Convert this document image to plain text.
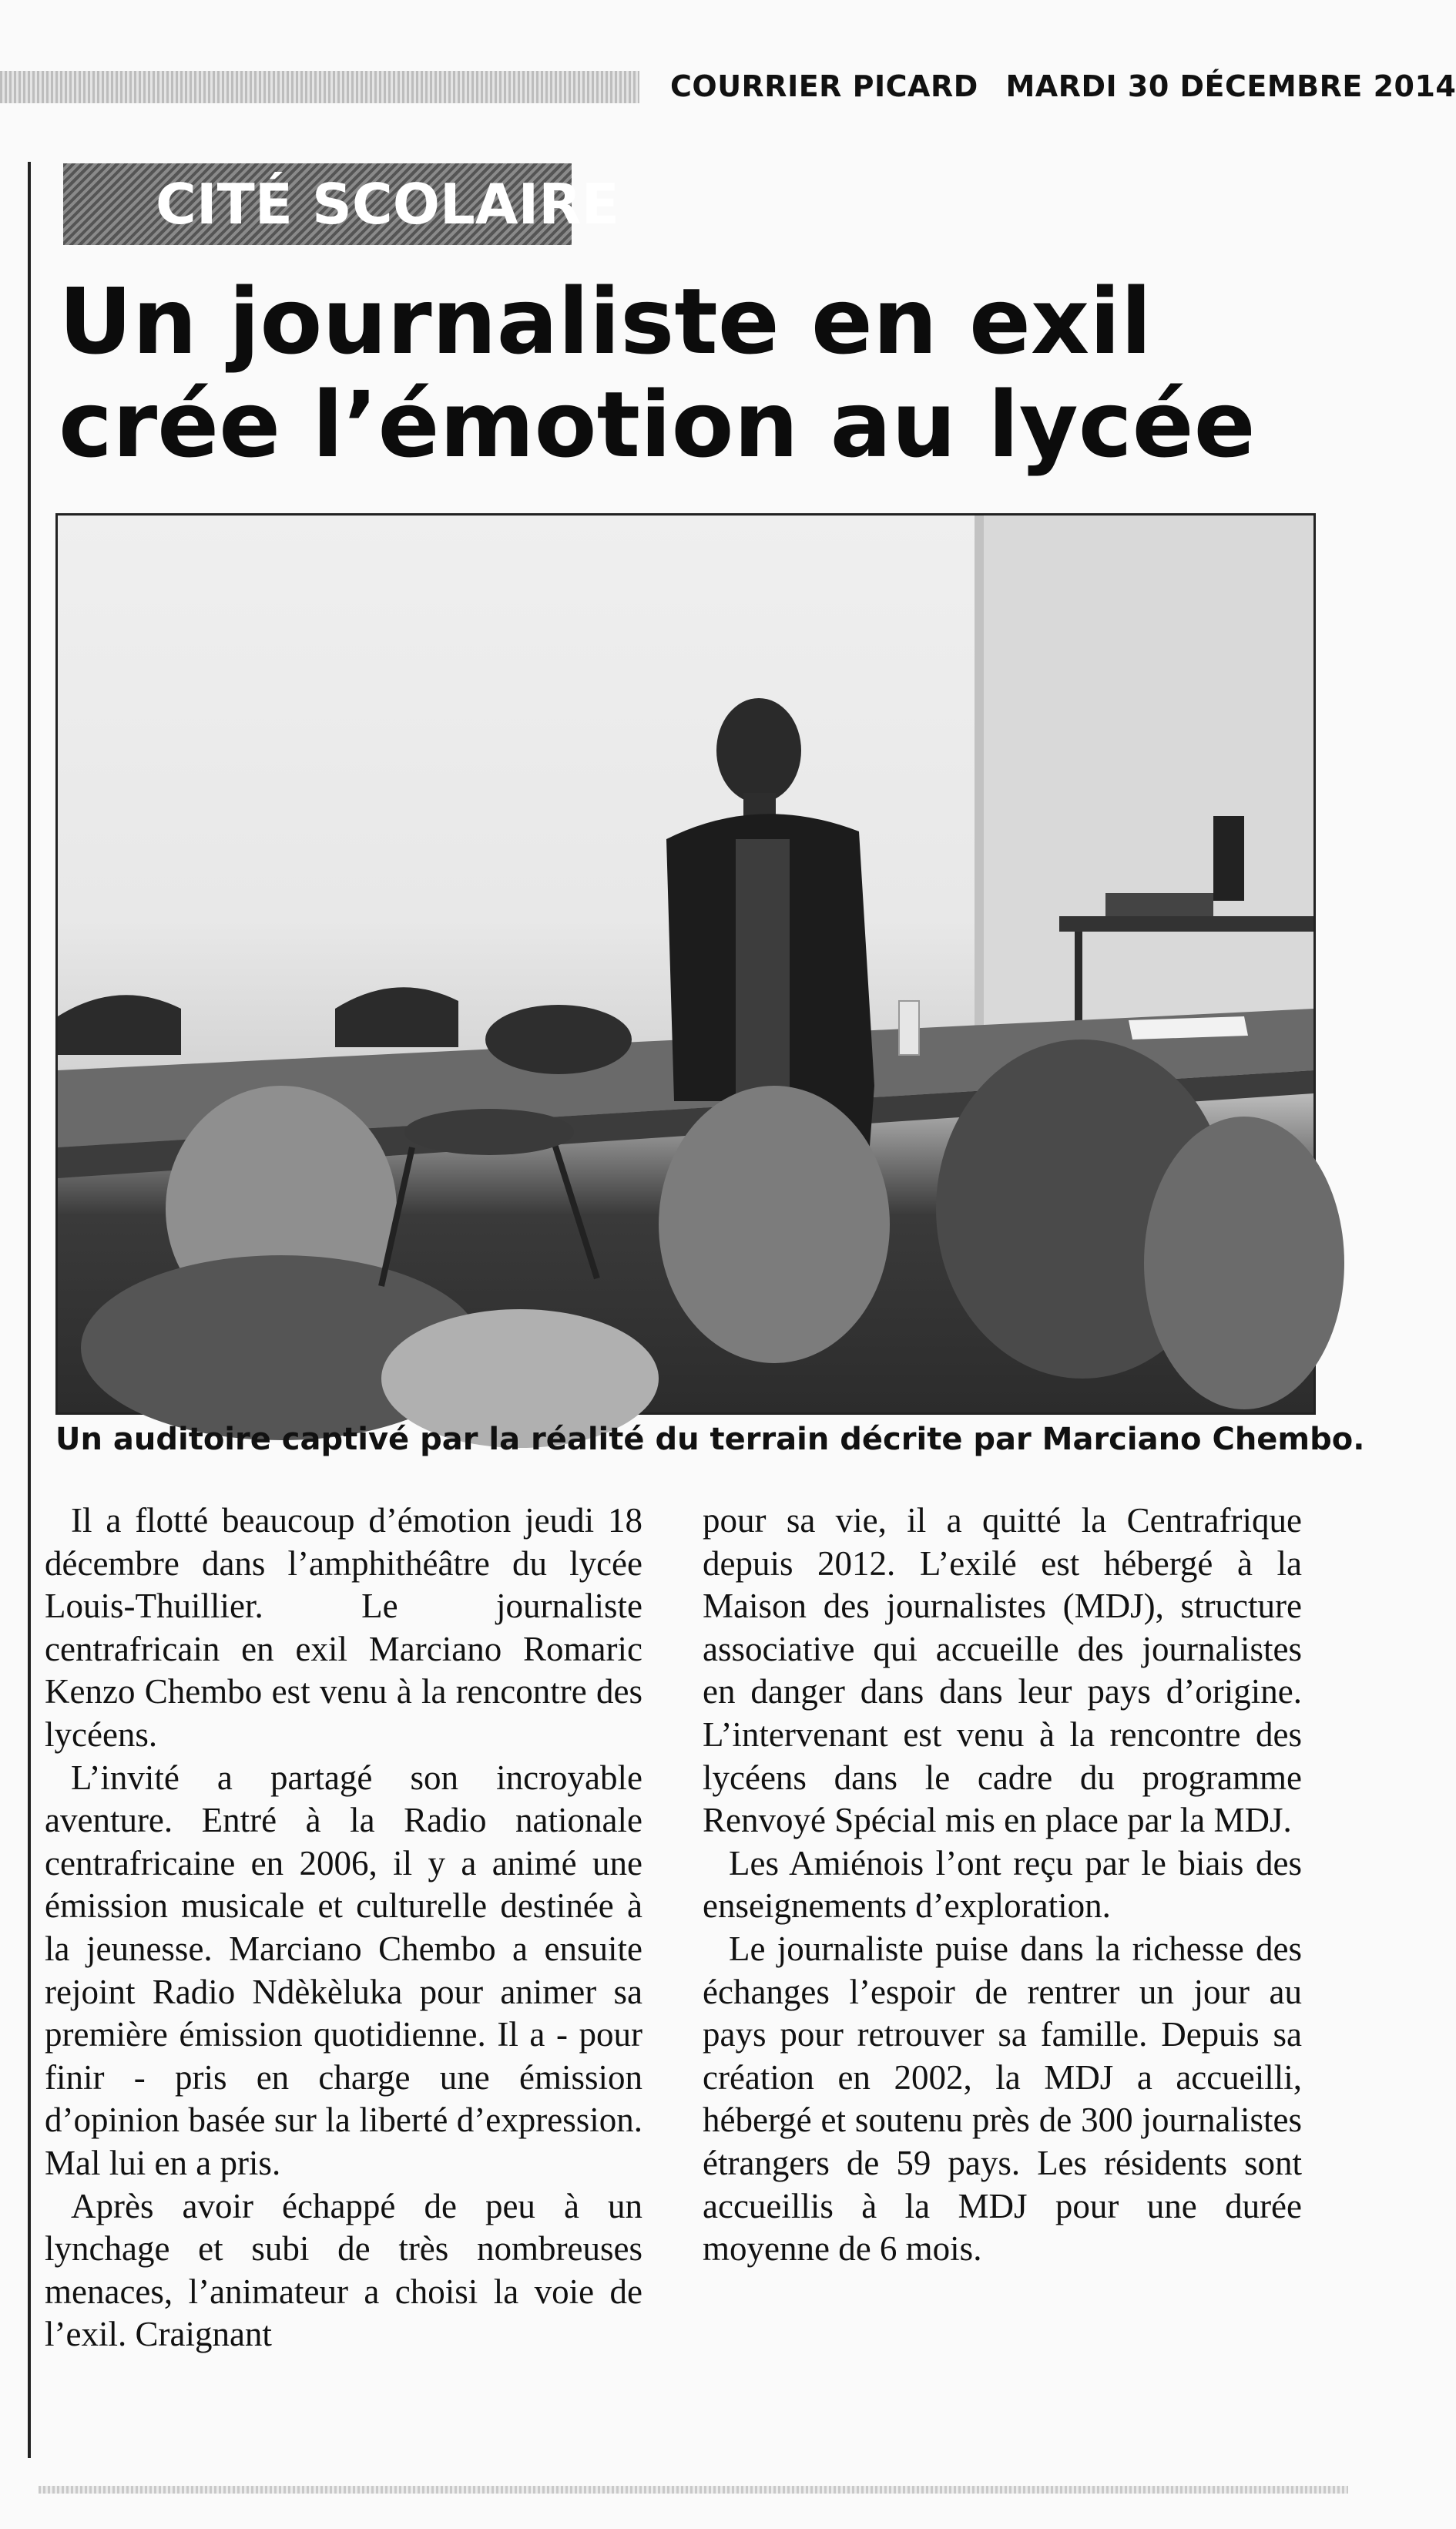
COURRIER PICARD MARDI 30 DÉCEMBRE 2014
CITÉ SCOLAIRE
Un journaliste en exil
crée l’émotion au lycée
Un auditoire captivé par la réalité du terrain décrite par Marciano Chembo.

Il a flotté beaucoup d’émotion jeudi 18 décembre dans l’amphithéâtre du lycée Louis-Thuillier. Le journaliste centrafricain en exil Marciano Romaric Kenzo Chembo est venu à la rencontre des lycéens.

L’invité a partagé son incroyable aventure. Entré à la Radio nationale centrafricaine en 2006, il y a animé une émission musicale et culturelle destinée à la jeunesse. Marciano Chembo a ensuite rejoint Radio Ndèkèluka pour animer sa première émission quotidienne. Il a - pour finir - pris en charge une émission d’opinion basée sur la liberté d’expression. Mal lui en a pris.

Après avoir échappé de peu à un lynchage et subi de très nombreuses menaces, l’animateur a choisi la voie de l’exil. Craignant

pour sa vie, il a quitté la Centrafrique depuis 2012. L’exilé est hébergé à la Maison des journalistes (MDJ), structure associative qui accueille des journalistes en danger dans dans leur pays d’origine. L’intervenant est venu à la rencontre des lycéens dans le cadre du programme Renvoyé Spécial mis en place par la MDJ.

Les Amiénois l’ont reçu par le biais des enseignements d’exploration.

Le journaliste puise dans la richesse des échanges l’espoir de rentrer un jour au pays pour retrouver sa famille. Depuis sa création en 2002, la MDJ a accueilli, hébergé et soutenu près de 300 journalistes étrangers de 59 pays. Les résidents sont accueillis à la MDJ pour une durée moyenne de 6 mois.
